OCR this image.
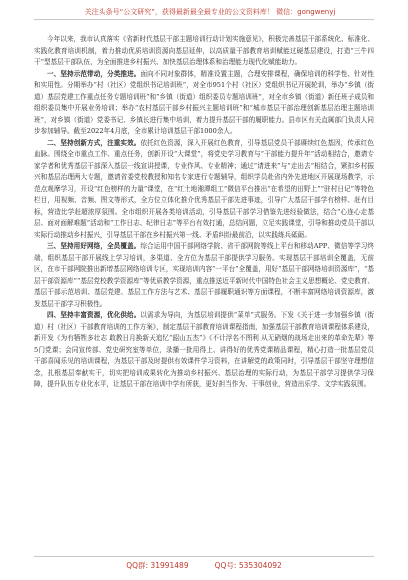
关注头条号“公文研究”，获得最新最全最专业的公文资料库！ 微信：gongwenyj

今年以来，我市认真落实《省新时代基层干部主题培训行动计划实施意见》，积极完善基层干部系统化、标准化、实践化教育培训机制，着力推动优质培训资源向基层延伸，以高质量干部教育培训赋能过硬基层建设，打造“三牛四干”型基层干部队伍，为全面推进乡村振兴、加快基层治理体系和治理能力现代化赋能助力。

一、坚持示范带动，分类推进。面向不同对象群体，精准设置主题，合理安排课程，确保培训的科学性、针对性和实用性。分期举办“村（社区）党组织书记培训班”，对全市951个村（社区）党组织书记开展轮训，举办“乡镇（街道）基层党建工作重点任务专题培训班”和“乡镇（街道）组织委员专题培训班”，对全市乡镇（街道）新任班子成员和组织委员集中开展业务培训；举办“农村基层干部乡村振兴主题培训班”和“城市基层干部治理创新基层治理主题培训班”，对乡镇（街道）党委书记、乡镇长进行集中培训，着力提升基层干部的履职能力。县市区有关直属部门负责人同步参加辅导。截至2022年4月底，全市累计培训基层干部1000余人。

二、坚持创新方式，注重实效。依托红色资源，深入开展红色教育，引导基层党员干部赓续红色基因，传承红色血脉。围绕全市重点工作、重点任务，创新开设“大课堂”，将党史学习教育与“干部能力提升年”活动相结合，邀请专家学者和优秀基层干部深入基层一线宣讲授课，专业作风、专业精神；通过“请进来”与“走出去”相结合，紧扣乡村振兴和基层治理两大专题，邀请省委党校教授和知名专家进行专题辅导，组织学员赴省内外先进地区开展现场教学，示范点观摩学习，开设“红色榜样的力量”课堂，在“红土地湘潭组工”微信平台推出“在希望的田野上”“驻村日记”等特色栏目，用视频、音频、图文等形式，全方位立体化推介优秀基层干部先进事迹，引导广大基层干部学有榜样、赶有目标，营造比学赶超浓厚氛围。全市组织开展各类培训活动，引导基层干部学习借鉴先进经验做法，结合“心连心走基层、面对面解难题”活动和“工作日志、纪律日志”等平台有效打通，总结问题，立足实践课堂，引导和推动党员干部以实际行动推动乡村振兴，引导基层干部在乡村振兴第一线、矛盾纠纷最前沿，以实践练兵砥砺。

三、坚持用好网络，全员覆盖。综合运用中国干部网络学院、省干部网院等线上平台和移动APP、微信等学习终端，组织基层干部开展线上学习培训，多渠道、全方位为基层干部提供学习服务。实现基层干部培训全覆盖，无前区，在市干部网院推出新增基层网络培训专区，实现培训内容“一平台”全覆盖，用好“基层干部网络培训资源库”，“基层干部资源库”“基层党校教学资源库”等优质教学资源，重点推送近平新时代中国特色社会主义思想概论、党史教育、基层干部示范培训、基层党建、基层工作方法与艺术、基层干部履职通识等方面课程，不断丰富网络培训资源库，激发基层干部学习积极性。

四、坚持丰富资源，优化供给。以需求为导向，为基层培训提供“菜单”式服务。下发《关于进一步加强乡镇（街道）村（社区）干部教育培训的工作方案》，制定基层干部教育培训课程指南，加强基层干部教育培训课程体系建设，新开发《为有牺牲多壮志 敢教日月换新天追忆“韶山五杰”》《不计浮名不图利 从无硝烟的战场走出来的革命先辈》等 5门党课；会同宣传部、党史研究室等单位，录播一批用得上、讲得好的优秀党课精品课程，精心打造一批基层党员干部喜闻乐见的培训课程，为基层干部及时提供有效课件学习资料，在讲解党的政策同时，引导基层干部坚守理想信念，扎根基层奉献实干，切实把培训成果转化为推动乡村振兴、基层治理的实际行动，为基层干部学习提供学习保障，提升队伍专业化水平，让基层干部在培训中学有所获，更好担当作为、干事创业，营造出乐学、文学实践氛围。

QQ群: 31991489	QQ号: 535304092
